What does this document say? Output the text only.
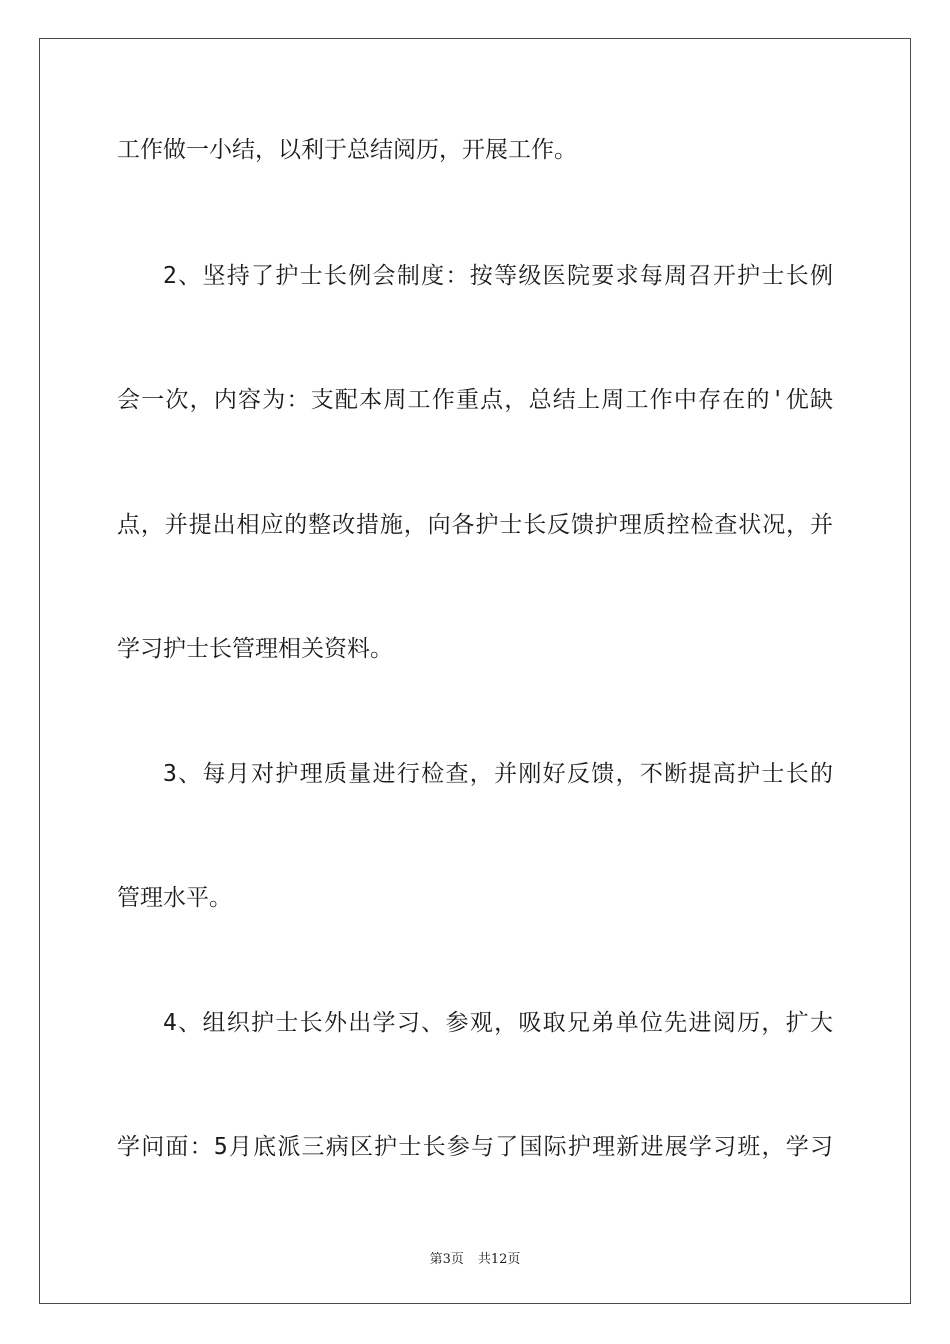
工作做一小结，以利于总结阅历，开展工作。
2、坚持了护士长例会制度：按等级医院要求每周召开护士长例
会一次，内容为：支配本周工作重点，总结上周工作中存在的'优缺
点，并提出相应的整改措施，向各护士长反馈护理质控检查状况，并
学习护士长管理相关资料。
3、每月对护理质量进行检查，并刚好反馈，不断提高护士长的
管理水平。
4、组织护士长外出学习、参观，吸取兄弟单位先进阅历，扩大
学问面：5月底派三病区护士长参与了国际护理新进展学习班，学习
第3页 共12页
